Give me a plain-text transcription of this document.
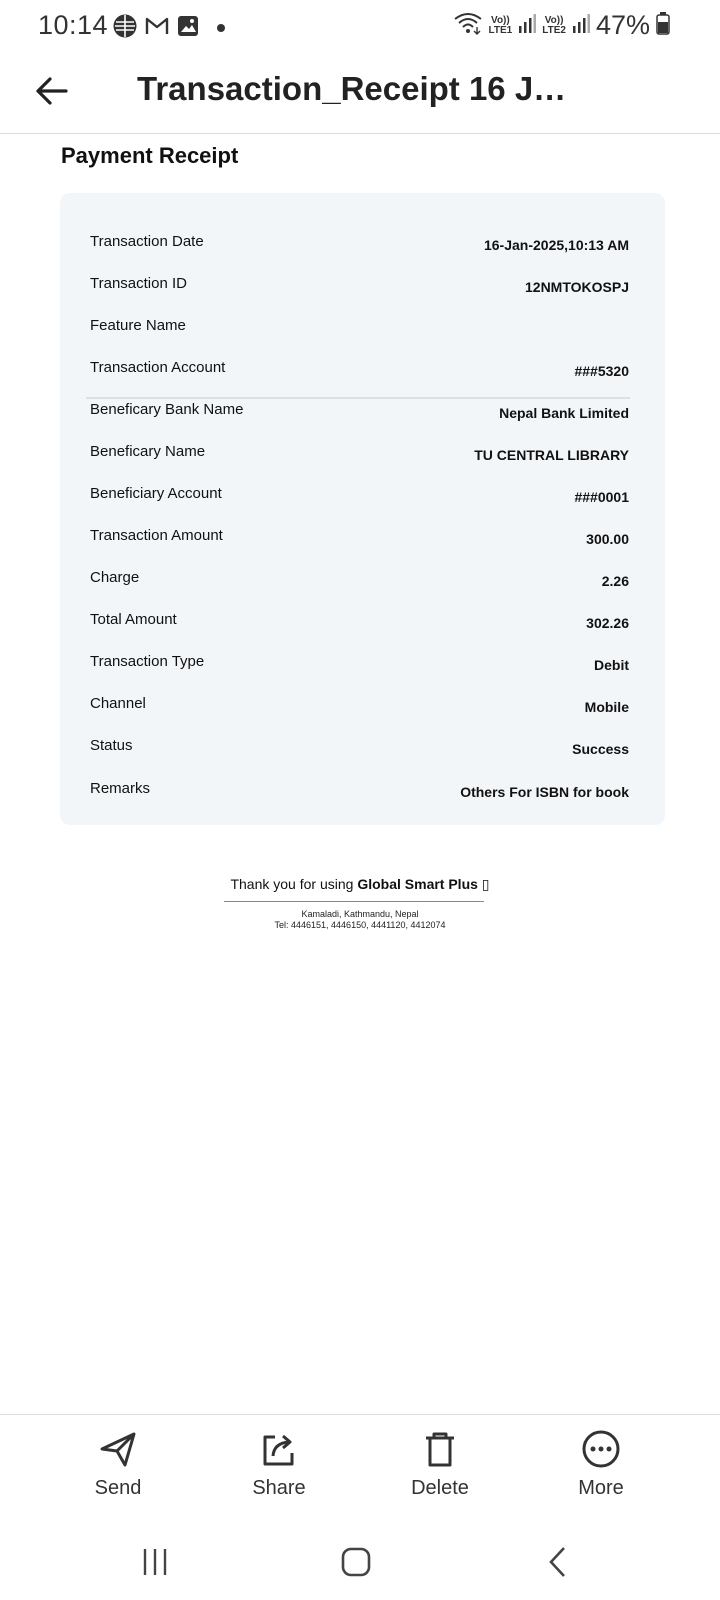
10:14	Vo))
LTE1
Vo))
LTE2 47%
Transaction_Receipt 16 J…
Payment Receipt
Transaction Date	16-Jan-2025,10:13 AM
Transaction ID	12NMTOKOSPJ
Feature Name
Transaction Account	###5320
Beneficary Bank Name	Nepal Bank Limited
Beneficary Name	TU CENTRAL LIBRARY
Beneficiary Account	###0001
Transaction Amount	300.00
Charge	2.26
Total Amount	302.26
Transaction Type	Debit
Channel	Mobile
Status	Success
Remarks	Others For ISBN for book
Thank you for using Global Smart Plus ▯
Kamaladi, Kathmandu, Nepal
Tel: 4446151, 4446150, 4441120, 4412074
Send	Share	Delete	More
